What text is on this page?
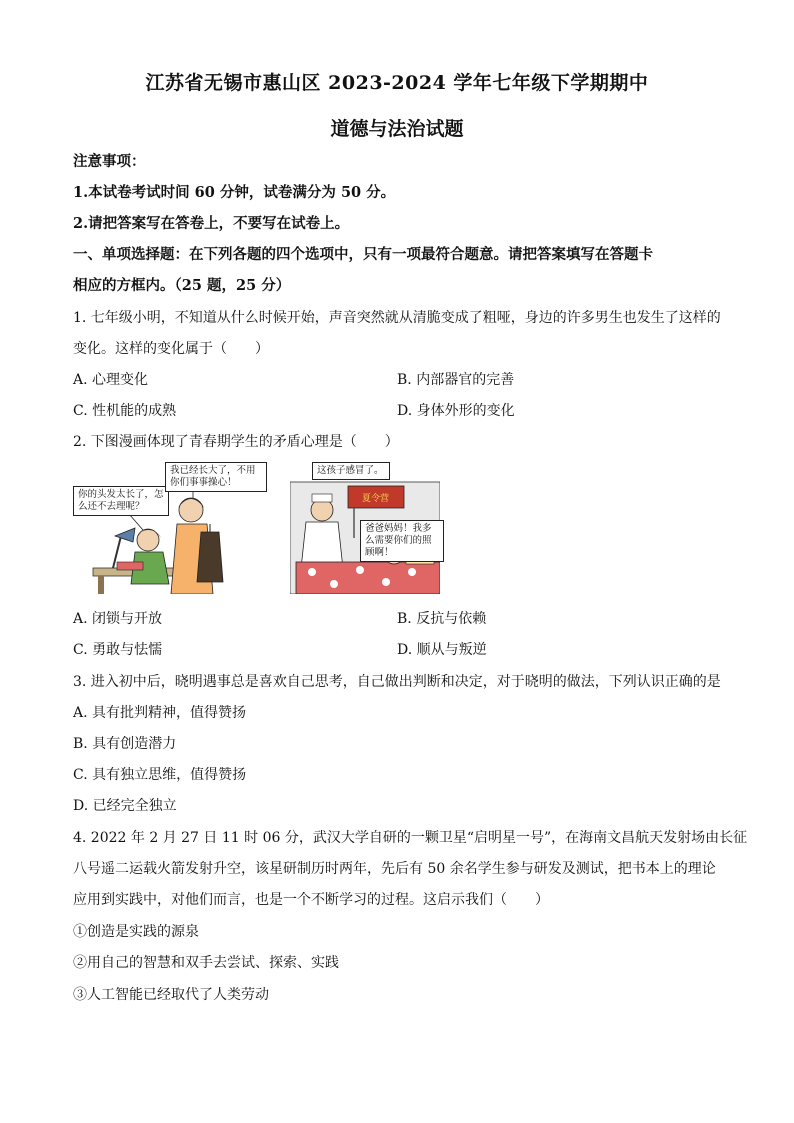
江苏省无锡市惠山区 2023-2024 学年七年级下学期期中
道德与法治试题
注意事项：
1.本试卷考试时间 60 分钟，试卷满分为 50 分。
2.请把答案写在答卷上，不要写在试卷上。
一、单项选择题：在下列各题的四个选项中，只有一项最符合题意。请把答案填写在答题卡
相应的方框内。（25 题，25 分）
1. 七年级小明，不知道从什么时候开始，声音突然就从清脆变成了粗哑，身边的许多男生也发生了这样的
变化。这样的变化属于（　　）
A. 心理变化	B. 内部器官的完善
C. 性机能的成熟	D. 身体外形的变化
2. 下图漫画体现了青春期学生的矛盾心理是（　　）
你的头发太长了，怎么还不去理呢？
我已经长大了，不用你们事事操心！
这孩子感冒了。
夏令营
爸爸妈妈！我多么需要你们的照顾啊！
A. 闭锁与开放	B. 反抗与依赖
C. 勇敢与怯懦	D. 顺从与叛逆
3. 进入初中后，晓明遇事总是喜欢自己思考，自己做出判断和决定，对于晓明的做法，下列认识正确的是
A. 具有批判精神，值得赞扬
B. 具有创造潜力
C. 具有独立思维，值得赞扬
D. 已经完全独立
4. 2022 年 2 月 27 日 11 时 06 分，武汉大学自研的一颗卫星“启明星一号”，在海南文昌航天发射场由长征
八号遥二运载火箭发射升空，该星研制历时两年，先后有 50 余名学生参与研发及测试，把书本上的理论
应用到实践中，对他们而言，也是一个不断学习的过程。这启示我们（　　）
①创造是实践的源泉
②用自己的智慧和双手去尝试、探索、实践
③人工智能已经取代了人类劳动
